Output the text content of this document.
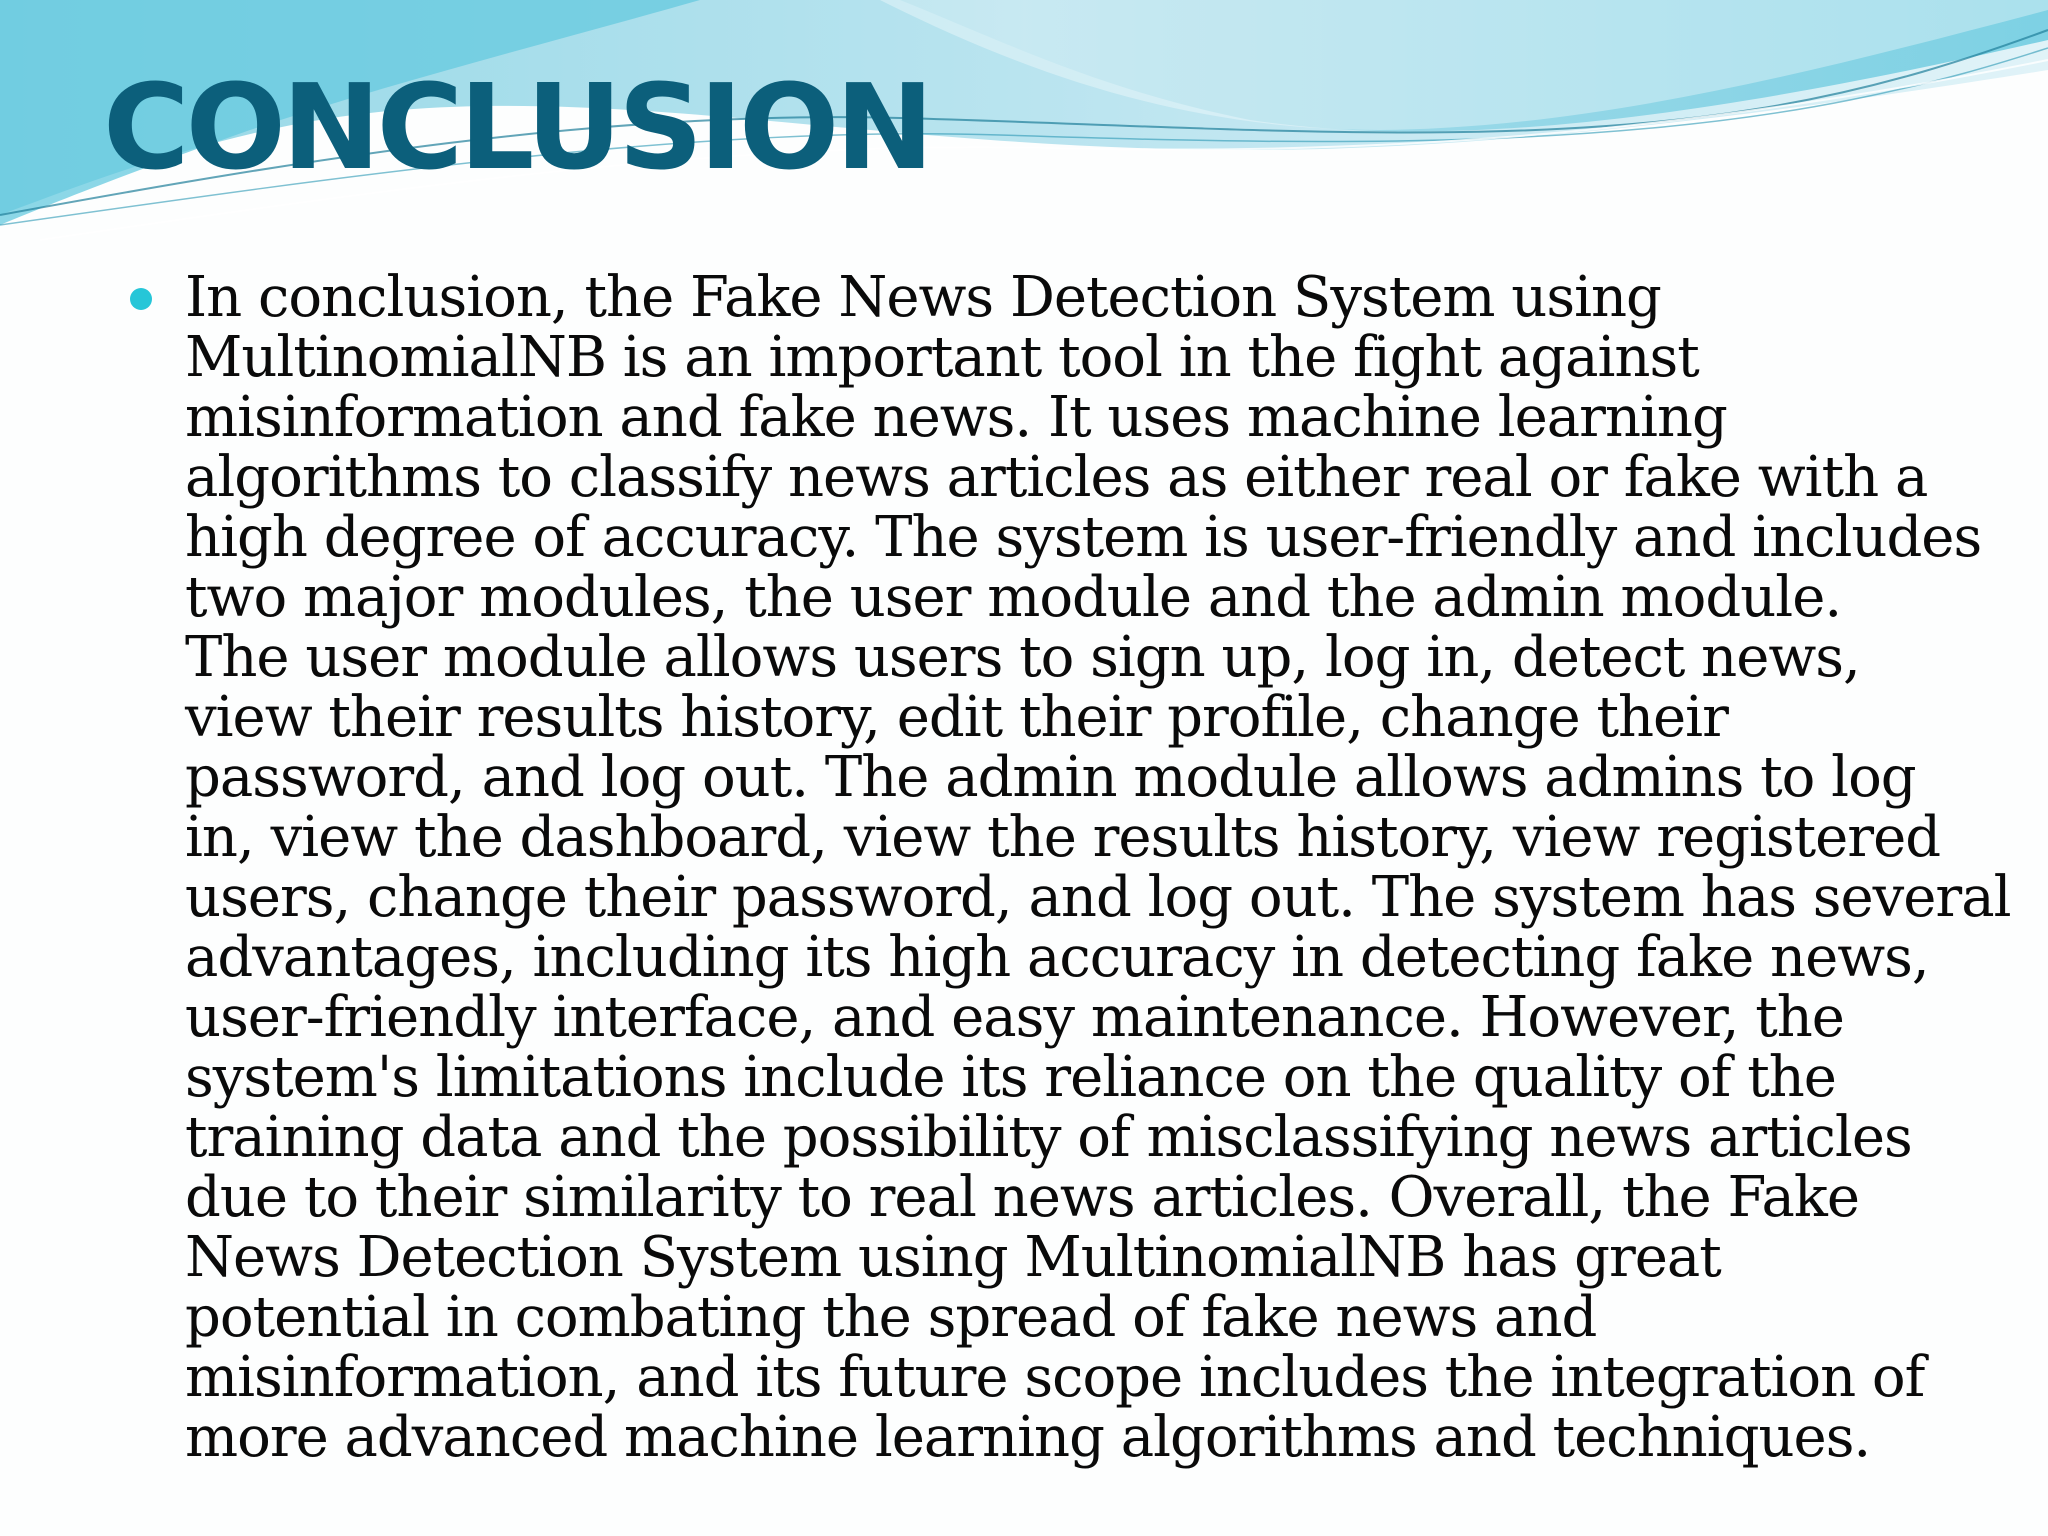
CONCLUSION
In conclusion, the Fake News Detection System using
MultinomialNB is an important tool in the fight against
misinformation and fake news. It uses machine learning
algorithms to classify news articles as either real or fake with a
high degree of accuracy. The system is user-friendly and includes
two major modules, the user module and the admin module.
The user module allows users to sign up, log in, detect news,
view their results history, edit their profile, change their
password, and log out. The admin module allows admins to log
in, view the dashboard, view the results history, view registered
users, change their password, and log out. The system has several
advantages, including its high accuracy in detecting fake news,
user-friendly interface, and easy maintenance. However, the
system's limitations include its reliance on the quality of the
training data and the possibility of misclassifying news articles
due to their similarity to real news articles. Overall, the Fake
News Detection System using MultinomialNB has great
potential in combating the spread of fake news and
misinformation, and its future scope includes the integration of
more advanced machine learning algorithms and techniques.
